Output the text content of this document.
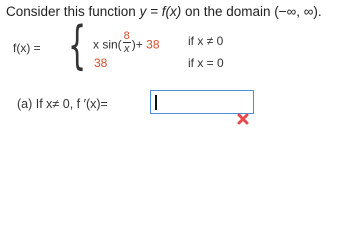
Consider this function y = f(x) on the domain (−∞, ∞).
f(x) = { x $\sin( \frac{8}{x}$ )+ 38 if x ≠ 0
38	if x = 0
(a) If x≠ 0, f ′(x)=
